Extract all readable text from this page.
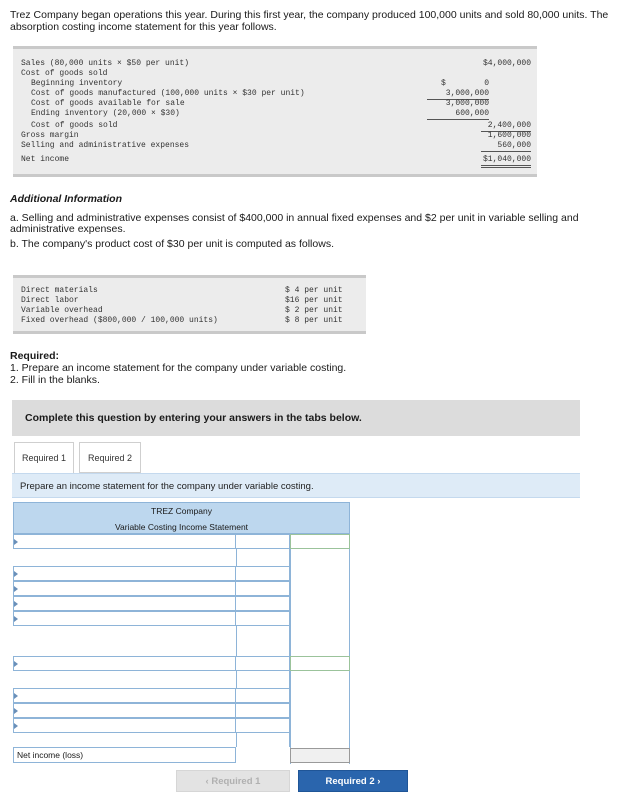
Trez Company began operations this year. During this first year, the company produced 100,000 units and sold 80,000 units. The absorption costing income statement for this year follows.
Sales (80,000 units × $50 per unit)	$4,000,000
Cost of goods sold
Beginning inventory	$        0
Cost of goods manufactured (100,000 units × $30 per unit)	3,000,000
Cost of goods available for sale	3,000,000
Ending inventory (20,000 × $30)	600,000
Cost of goods sold	2,400,000
Gross margin	1,600,000
Selling and administrative expenses	560,000
Net income	$1,040,000
Additional Information
a. Selling and administrative expenses consist of $400,000 in annual fixed expenses and $2 per unit in variable selling and administrative expenses.
b. The company's product cost of $30 per unit is computed as follows.
Direct materials	$ 4 per unit
Direct labor	$16 per unit
Variable overhead	$ 2 per unit
Fixed overhead ($800,000 / 100,000 units)	$ 8 per unit
Required:
1. Prepare an income statement for the company under variable costing.
2. Fill in the blanks.
Complete this question by entering your answers in the tabs below.
Required 1	Required 2
Prepare an income statement for the company under variable costing.
TREZ Company
Variable Costing Income Statement
Net income (loss)
‹ Required 1	Required 2 ›
